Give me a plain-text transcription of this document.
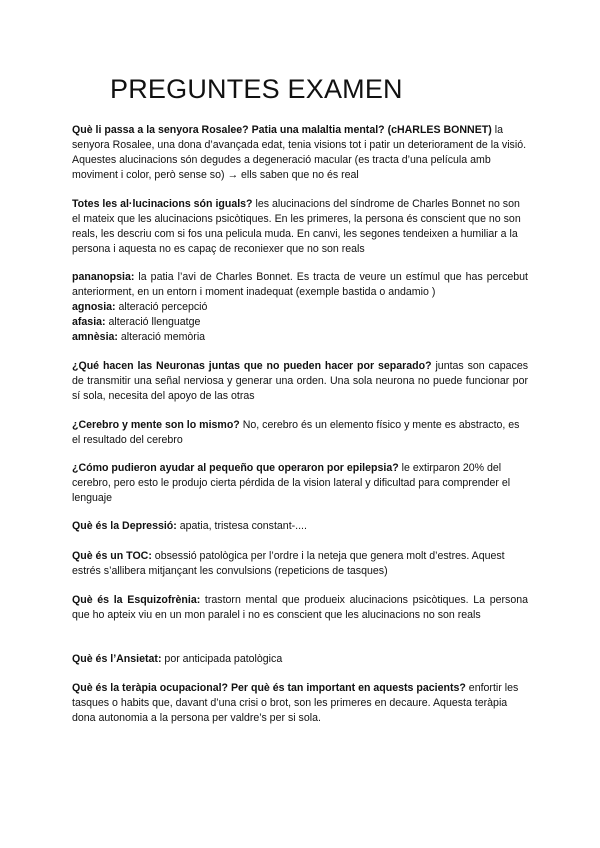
PREGUNTES EXAMEN

Què li passa a la senyora Rosalee? Patia una malaltia mental? (cHARLES BONNET) la senyora Rosalee, una dona d’avançada edat, tenia visions tot i patir un deteriorament de la visió. Aquestes alucinacions són degudes a degeneració macular (es tracta d’una película amb moviment i color, però sense so) → ells saben que no és real

Totes les al·lucinacions són iguals? les alucinacions del síndrome de Charles Bonnet no son el mateix que les alucinacions psicòtiques. En les primeres, la persona és conscient que no son reals, les descriu com si fos una pelicula muda. En canvi, les segones tendeixen a humiliar a la persona i aquesta no es capaç de reconiexer que no son reals

pananopsia: la patia l’avi de Charles Bonnet. Es tracta de veure un estímul que has percebut anteriorment, en un entorn i moment inadequat (exemple bastida o andamio )

agnosia: alteració percepció

afasia: alteració llenguatge

amnèsia: alteració memòria

¿Qué hacen las Neuronas juntas que no pueden hacer por separado? juntas son capaces de transmitir una señal nerviosa y generar una orden. Una sola neurona no puede funcionar por sí sola, necesita del apoyo de las otras

¿Cerebro y mente son lo mismo? No, cerebro és un elemento físico y mente es abstracto, es el resultado del cerebro

¿Cómo pudieron ayudar al pequeño que operaron por epilepsia? le extirparon 20% del cerebro, pero esto le produjo cierta pérdida de la vision lateral y dificultad para comprender el lenguaje

Què és la Depressió: apatia, tristesa constant-....

Què és un TOC: obsessió patològica per l’ordre i la neteja que genera molt d’estres. Aquest estrés s’allibera mitjançant les convulsions (repeticions de tasques)

Què és la Esquizofrènia: trastorn mental que produeix alucinacions psicòtiques. La persona que ho apteix viu en un mon paralel i no es conscient que les alucinacions no son reals

Què és l’Ansietat: por anticipada patològica

Què és la teràpia ocupacional? Per què és tan important en aquests pacients? enfortir les tasques o habits que, davant d’una crisi o brot, son les primeres en decaure. Aquesta teràpia dona autonomia a la persona per valdre’s per si sola.
